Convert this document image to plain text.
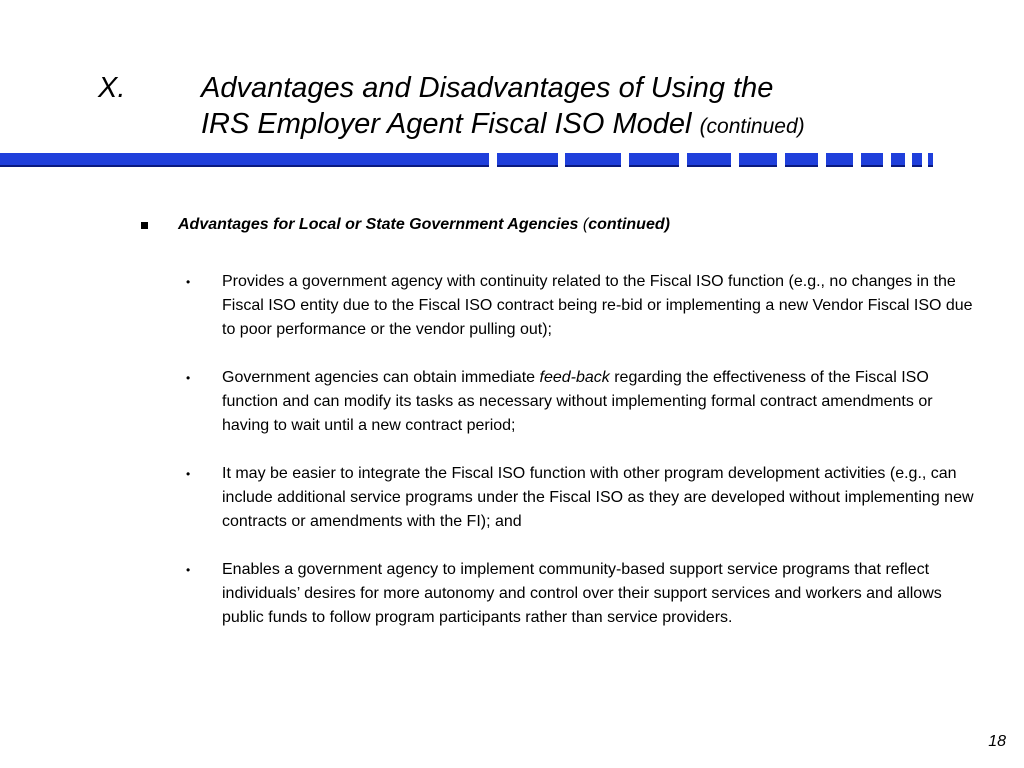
X.	Advantages and Disadvantages of Using the
IRS Employer Agent Fiscal ISO Model (continued)
Advantages for Local or State Government Agencies (continued)
• Provides a government agency with continuity related to the Fiscal ISO function (e.g., no changes in the Fiscal ISO entity due to the Fiscal ISO contract being re-bid or implementing a new Vendor Fiscal ISO due to poor performance or the vendor pulling out);
• Government agencies can obtain immediate feed-back regarding the effectiveness of the Fiscal ISO function and can modify its tasks as necessary without implementing formal contract amendments or having to wait until a new contract period;
• It may be easier to integrate the Fiscal ISO function with other program development activities (e.g., can include additional service programs under the Fiscal ISO as they are developed without implementing new contracts or amendments with the FI); and
• Enables a government agency to implement community-based support service programs that reflect individuals’ desires for more autonomy and control over their support services and workers and allows public funds to follow program participants rather than service providers.
18
